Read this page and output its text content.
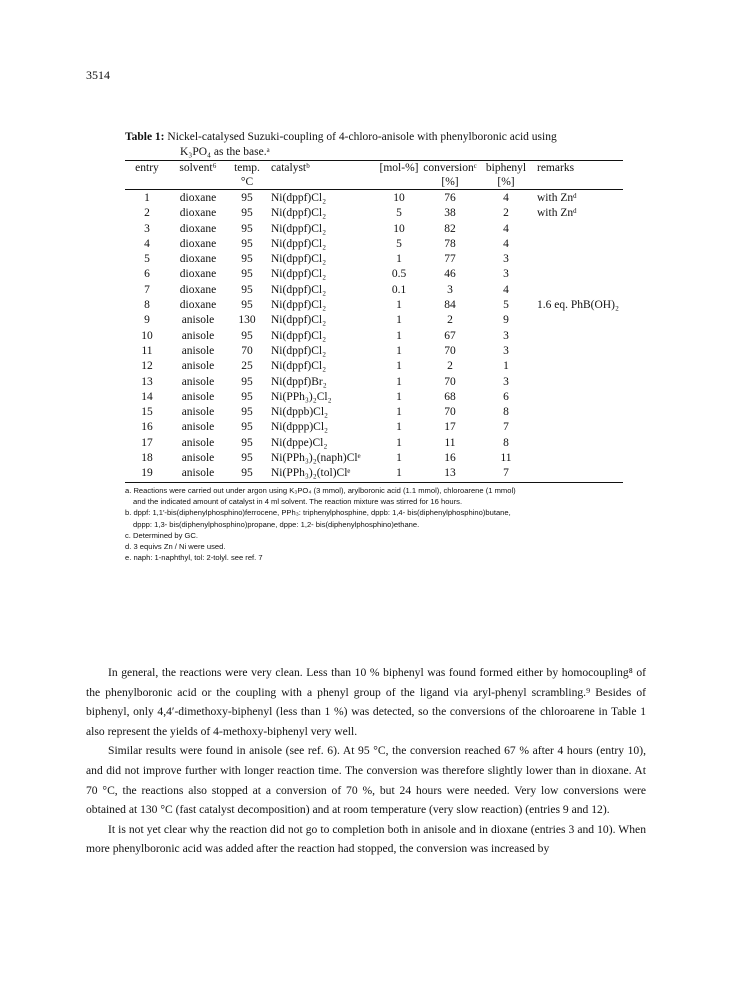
3514
Table 1: Nickel-catalysed Suzuki-coupling of 4-chloro-anisole with phenylboronic acid using
K₃PO₄ as the base.ᵃ
entry	solvent⁶	temp.	catalystᵇ	[mol-%]	conversionᶜ	biphenyl	remarks
		°C			[%]	[%]	
1	dioxane	95	Ni(dppf)Cl₂	10	76	4	with Znᵈ
2	dioxane	95	Ni(dppf)Cl₂	5	38	2	with Znᵈ
3	dioxane	95	Ni(dppf)Cl₂	10	82	4	
4	dioxane	95	Ni(dppf)Cl₂	5	78	4	
5	dioxane	95	Ni(dppf)Cl₂	1	77	3	
6	dioxane	95	Ni(dppf)Cl₂	0.5	46	3	
7	dioxane	95	Ni(dppf)Cl₂	0.1	3	4	
8	dioxane	95	Ni(dppf)Cl₂	1	84	5	1.6 eq. PhB(OH)₂
9	anisole	130	Ni(dppf)Cl₂	1	2	9	
10	anisole	95	Ni(dppf)Cl₂	1	67	3	
11	anisole	70	Ni(dppf)Cl₂	1	70	3	
12	anisole	25	Ni(dppf)Cl₂	1	2	1	
13	anisole	95	Ni(dppf)Br₂	1	70	3	
14	anisole	95	Ni(PPh₃)₂Cl₂	1	68	6	
15	anisole	95	Ni(dppb)Cl₂	1	70	8	
16	anisole	95	Ni(dppp)Cl₂	1	17	7	
17	anisole	95	Ni(dppe)Cl₂	1	11	8	
18	anisole	95	Ni(PPh₃)₂(naph)Clᵉ	1	16	11	
19	anisole	95	Ni(PPh₃)₂(tol)Clᵉ	1	13	7	
a. Reactions were carried out under argon using K₃PO₄ (3 mmol), arylboronic acid (1.1 mmol), chloroarene (1 mmol)
and the indicated amount of catalyst in 4 ml solvent. The reaction mixture was stirred for 16 hours.
b. dppf: 1,1′-bis(diphenylphosphino)ferrocene, PPh₃: triphenylphosphine, dppb: 1,4- bis(diphenylphosphino)butane,
dppp: 1,3- bis(diphenylphosphino)propane, dppe: 1,2- bis(diphenylphosphino)ethane.
c. Determined by GC.
d. 3 equivs Zn / Ni were used.
e. naph: 1-naphthyl, tol: 2-tolyl. see ref. 7

In general, the reactions were very clean. Less than 10 % biphenyl was found formed either by homocoupling⁸ of the phenylboronic acid or the coupling with a phenyl group of the ligand via aryl-phenyl scrambling.⁹ Besides of biphenyl, only 4,4′-dimethoxy-biphenyl (less than 1 %) was detected, so the conversions of the chloroarene in Table 1 also represent the yields of 4-methoxy-biphenyl very well.

Similar results were found in anisole (see ref. 6). At 95 °C, the conversion reached 67 % after 4 hours (entry 10), and did not improve further with longer reaction time. The conversion was therefore slightly lower than in dioxane. At 70 °C, the reactions also stopped at a conversion of 70 %, but 24 hours were needed. Very low conversions were obtained at 130 °C (fast catalyst decomposition) and at room temperature (very slow reaction) (entries 9 and 12).

It is not yet clear why the reaction did not go to completion both in anisole and in dioxane (entries 3 and 10). When more phenylboronic acid was added after the reaction had stopped, the conversion was increased by
